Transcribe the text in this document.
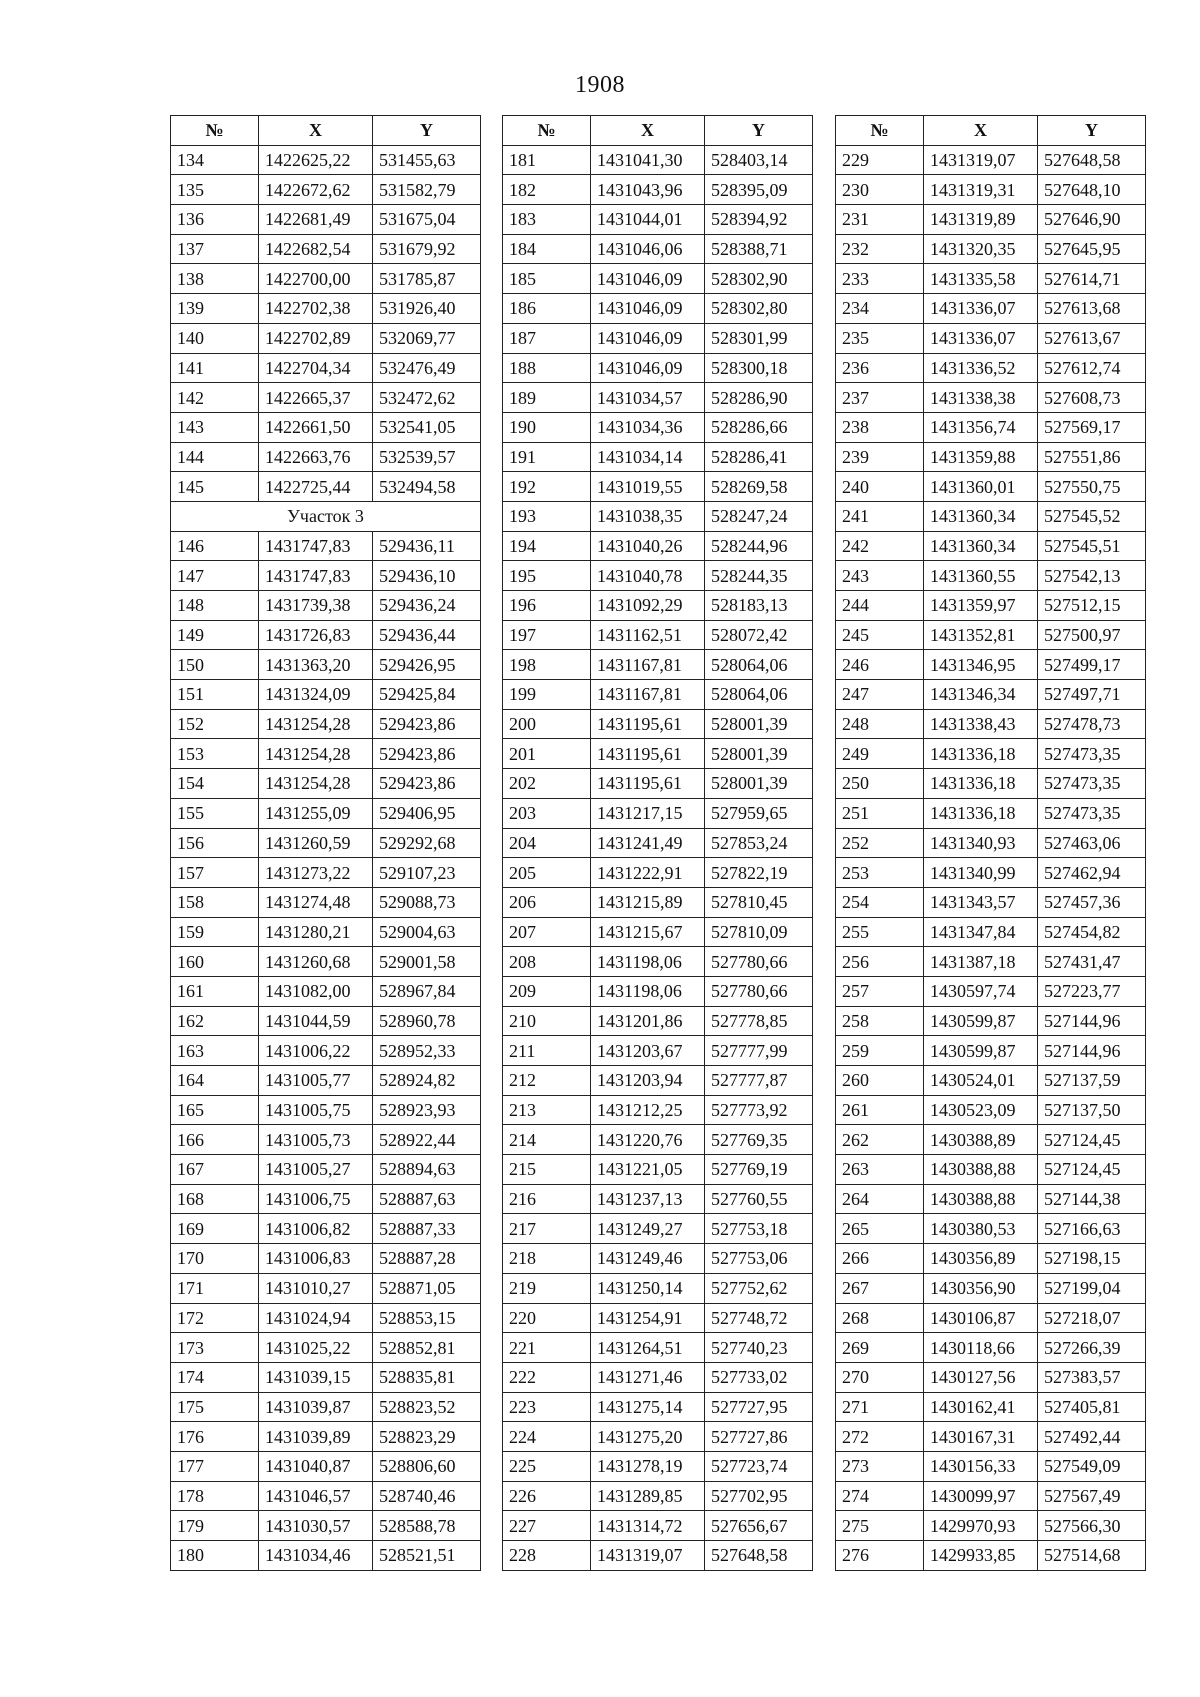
1908
№	X	Y
134	1422625,22	531455,63
135	1422672,62	531582,79
136	1422681,49	531675,04
137	1422682,54	531679,92
138	1422700,00	531785,87
139	1422702,38	531926,40
140	1422702,89	532069,77
141	1422704,34	532476,49
142	1422665,37	532472,62
143	1422661,50	532541,05
144	1422663,76	532539,57
145	1422725,44	532494,58
Участок 3		
146	1431747,83	529436,11
147	1431747,83	529436,10
148	1431739,38	529436,24
149	1431726,83	529436,44
150	1431363,20	529426,95
151	1431324,09	529425,84
152	1431254,28	529423,86
153	1431254,28	529423,86
154	1431254,28	529423,86
155	1431255,09	529406,95
156	1431260,59	529292,68
157	1431273,22	529107,23
158	1431274,48	529088,73
159	1431280,21	529004,63
160	1431260,68	529001,58
161	1431082,00	528967,84
162	1431044,59	528960,78
163	1431006,22	528952,33
164	1431005,77	528924,82
165	1431005,75	528923,93
166	1431005,73	528922,44
167	1431005,27	528894,63
168	1431006,75	528887,63
169	1431006,82	528887,33
170	1431006,83	528887,28
171	1431010,27	528871,05
172	1431024,94	528853,15
173	1431025,22	528852,81
174	1431039,15	528835,81
175	1431039,87	528823,52
176	1431039,89	528823,29
177	1431040,87	528806,60
178	1431046,57	528740,46
179	1431030,57	528588,78
180	1431034,46	528521,51
№	X	Y
181	1431041,30	528403,14
182	1431043,96	528395,09
183	1431044,01	528394,92
184	1431046,06	528388,71
185	1431046,09	528302,90
186	1431046,09	528302,80
187	1431046,09	528301,99
188	1431046,09	528300,18
189	1431034,57	528286,90
190	1431034,36	528286,66
191	1431034,14	528286,41
192	1431019,55	528269,58
193	1431038,35	528247,24
194	1431040,26	528244,96
195	1431040,78	528244,35
196	1431092,29	528183,13
197	1431162,51	528072,42
198	1431167,81	528064,06
199	1431167,81	528064,06
200	1431195,61	528001,39
201	1431195,61	528001,39
202	1431195,61	528001,39
203	1431217,15	527959,65
204	1431241,49	527853,24
205	1431222,91	527822,19
206	1431215,89	527810,45
207	1431215,67	527810,09
208	1431198,06	527780,66
209	1431198,06	527780,66
210	1431201,86	527778,85
211	1431203,67	527777,99
212	1431203,94	527777,87
213	1431212,25	527773,92
214	1431220,76	527769,35
215	1431221,05	527769,19
216	1431237,13	527760,55
217	1431249,27	527753,18
218	1431249,46	527753,06
219	1431250,14	527752,62
220	1431254,91	527748,72
221	1431264,51	527740,23
222	1431271,46	527733,02
223	1431275,14	527727,95
224	1431275,20	527727,86
225	1431278,19	527723,74
226	1431289,85	527702,95
227	1431314,72	527656,67
228	1431319,07	527648,58
№	X	Y
229	1431319,07	527648,58
230	1431319,31	527648,10
231	1431319,89	527646,90
232	1431320,35	527645,95
233	1431335,58	527614,71
234	1431336,07	527613,68
235	1431336,07	527613,67
236	1431336,52	527612,74
237	1431338,38	527608,73
238	1431356,74	527569,17
239	1431359,88	527551,86
240	1431360,01	527550,75
241	1431360,34	527545,52
242	1431360,34	527545,51
243	1431360,55	527542,13
244	1431359,97	527512,15
245	1431352,81	527500,97
246	1431346,95	527499,17
247	1431346,34	527497,71
248	1431338,43	527478,73
249	1431336,18	527473,35
250	1431336,18	527473,35
251	1431336,18	527473,35
252	1431340,93	527463,06
253	1431340,99	527462,94
254	1431343,57	527457,36
255	1431347,84	527454,82
256	1431387,18	527431,47
257	1430597,74	527223,77
258	1430599,87	527144,96
259	1430599,87	527144,96
260	1430524,01	527137,59
261	1430523,09	527137,50
262	1430388,89	527124,45
263	1430388,88	527124,45
264	1430388,88	527144,38
265	1430380,53	527166,63
266	1430356,89	527198,15
267	1430356,90	527199,04
268	1430106,87	527218,07
269	1430118,66	527266,39
270	1430127,56	527383,57
271	1430162,41	527405,81
272	1430167,31	527492,44
273	1430156,33	527549,09
274	1430099,97	527567,49
275	1429970,93	527566,30
276	1429933,85	527514,68
